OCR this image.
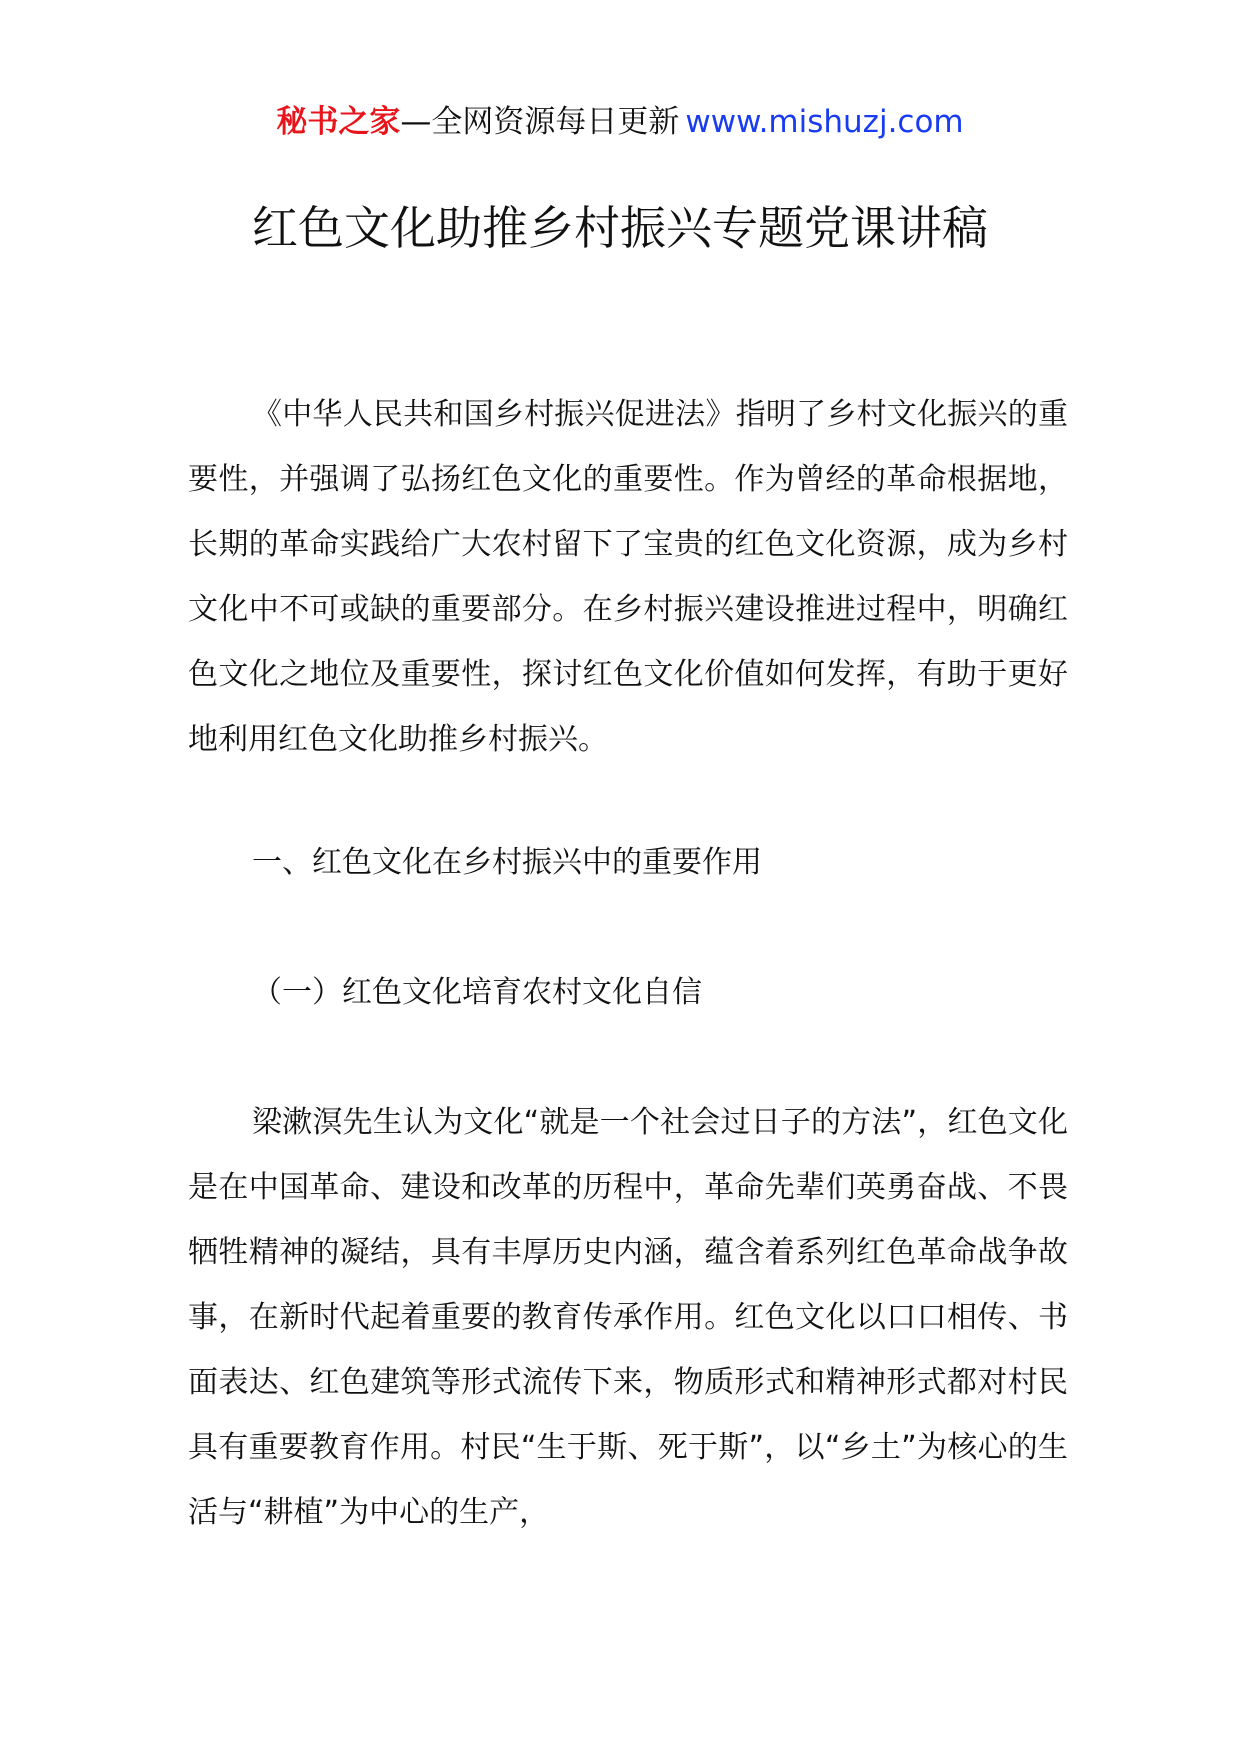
秘书之家—全网资源每日更新 www.mishuzj.com
红色文化助推乡村振兴专题党课讲稿

《中华人民共和国乡村振兴促进法》指明了乡村文化振兴的重要性，并强调了弘扬红色文化的重要性。作为曾经的革命根据地，长期的革命实践给广大农村留下了宝贵的红色文化资源，成为乡村文化中不可或缺的重要部分。在乡村振兴建设推进过程中，明确红色文化之地位及重要性，探讨红色文化价值如何发挥，有助于更好地利用红色文化助推乡村振兴。

一、红色文化在乡村振兴中的重要作用
（一）红色文化培育农村文化自信

梁漱溟先生认为文化“就是一个社会过日子的方法”，红色文化是在中国革命、建设和改革的历程中，革命先辈们英勇奋战、不畏牺牲精神的凝结，具有丰厚历史内涵，蕴含着系列红色革命战争故事，在新时代起着重要的教育传承作用。红色文化以口口相传、书面表达、红色建筑等形式流传下来，物质形式和精神形式都对村民具有重要教育作用。村民“生于斯、死于斯”，以“乡土”为核心的生活与“耕植”为中心的生产，
